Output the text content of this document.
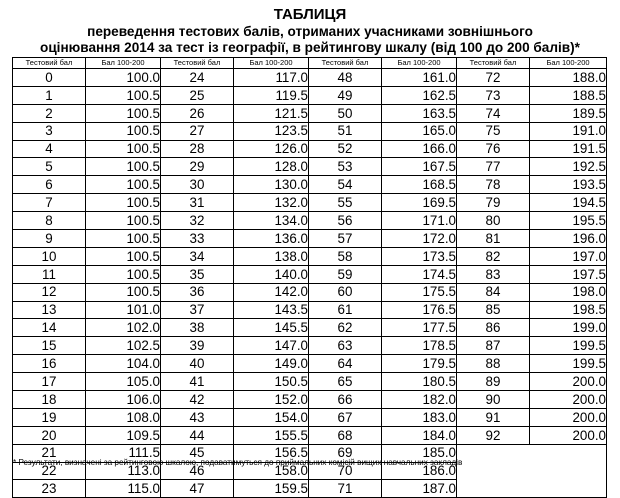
ТАБЛИЦЯ
переведення тестових балів, отриманих учасниками зовнішнього
оцінювання 2014 за тест із географії, в рейтингову шкалу (від 100 до 200 балів)*
Тестовий бал	Бал 100-200	Тестовий бал	Бал 100-200	Тестовий бал	Бал 100-200	Тестовий бал	Бал 100-200
0	100.0	24	117.0	48	161.0	72	188.0
1	100.5	25	119.5	49	162.5	73	188.5
2	100.5	26	121.5	50	163.5	74	189.5
3	100.5	27	123.5	51	165.0	75	191.0
4	100.5	28	126.0	52	166.0	76	191.5
5	100.5	29	128.0	53	167.5	77	192.5
6	100.5	30	130.0	54	168.5	78	193.5
7	100.5	31	132.0	55	169.5	79	194.5
8	100.5	32	134.0	56	171.0	80	195.5
9	100.5	33	136.0	57	172.0	81	196.0
10	100.5	34	138.0	58	173.5	82	197.0
11	100.5	35	140.0	59	174.5	83	197.5
12	100.5	36	142.0	60	175.5	84	198.0
13	101.0	37	143.5	61	176.5	85	198.5
14	102.0	38	145.5	62	177.5	86	199.0
15	102.5	39	147.0	63	178.5	87	199.5
16	104.0	40	149.0	64	179.5	88	199.5
17	105.0	41	150.5	65	180.5	89	200.0
18	106.0	42	152.0	66	182.0	90	200.0
19	108.0	43	154.0	67	183.0	91	200.0
20	109.5	44	155.5	68	184.0	92	200.0
21	111.5	45	156.5	69	185.0		
22	113.0	46	158.0	70	186.0		
23	115.0	47	159.5	71	187.0		
* Результати, визначені за рейтинговою шкалою, подаватимуться до приймальних комісій вищих навчальних закладів
